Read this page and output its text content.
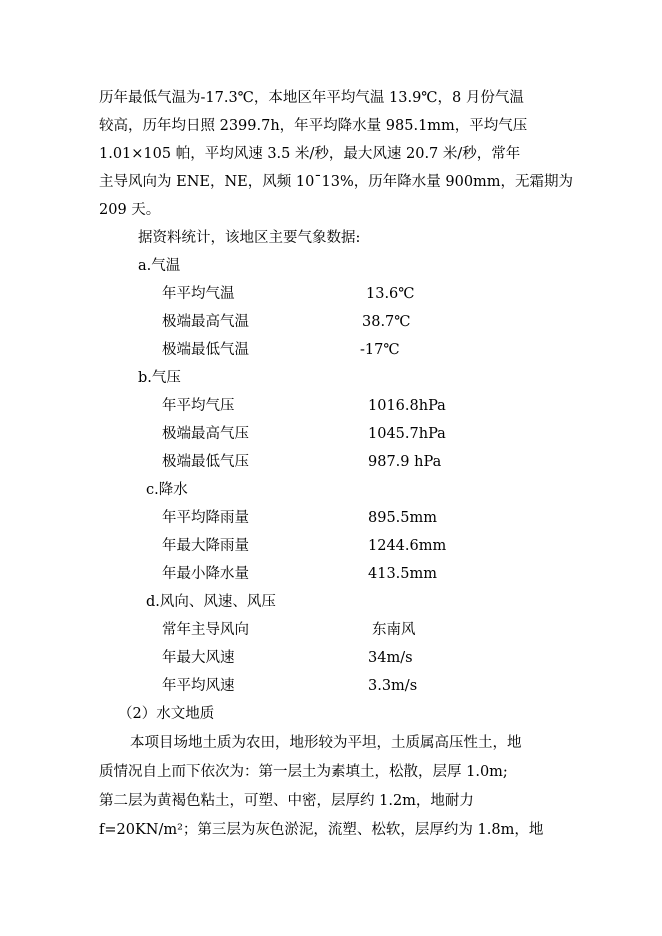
历年最低气温为-17.3℃，本地区年平均气温 13.9℃，8 月份气温
较高，历年均日照 2399.7h，年平均降水量 985.1mm，平均气压
1.01×105 帕，平均风速 3.5 米/秒，最大风速 20.7 米/秒，常年
主导风向为 ENE，NE，风频 10¯13%，历年降水量 900mm，无霜期为
209 天。
据资料统计，该地区主要气象数据:
a.气温
年平均气温	13.6℃
极端最高气温	38.7℃
极端最低气温	-17℃
b.气压
年平均气压	1016.8hPa
极端最高气压	1045.7hPa
极端最低气压	987.9 hPa
c.降水
年平均降雨量	895.5mm
年最大降雨量	1244.6mm
年最小降水量	413.5mm
d.风向、风速、风压
常年主导风向	东南风
年最大风速	34m/s
年平均风速	3.3m/s
（2）水文地质
本项目场地土质为农田，地形较为平坦，土质属高压性土，地
质情况自上而下依次为：第一层土为素填土，松散，层厚 1.0m;
第二层为黄褐色粘土，可塑、中密，层厚约 1.2m，地耐力
f=20KN/m²；第三层为灰色淤泥，流塑、松软，层厚约为 1.8m，地
